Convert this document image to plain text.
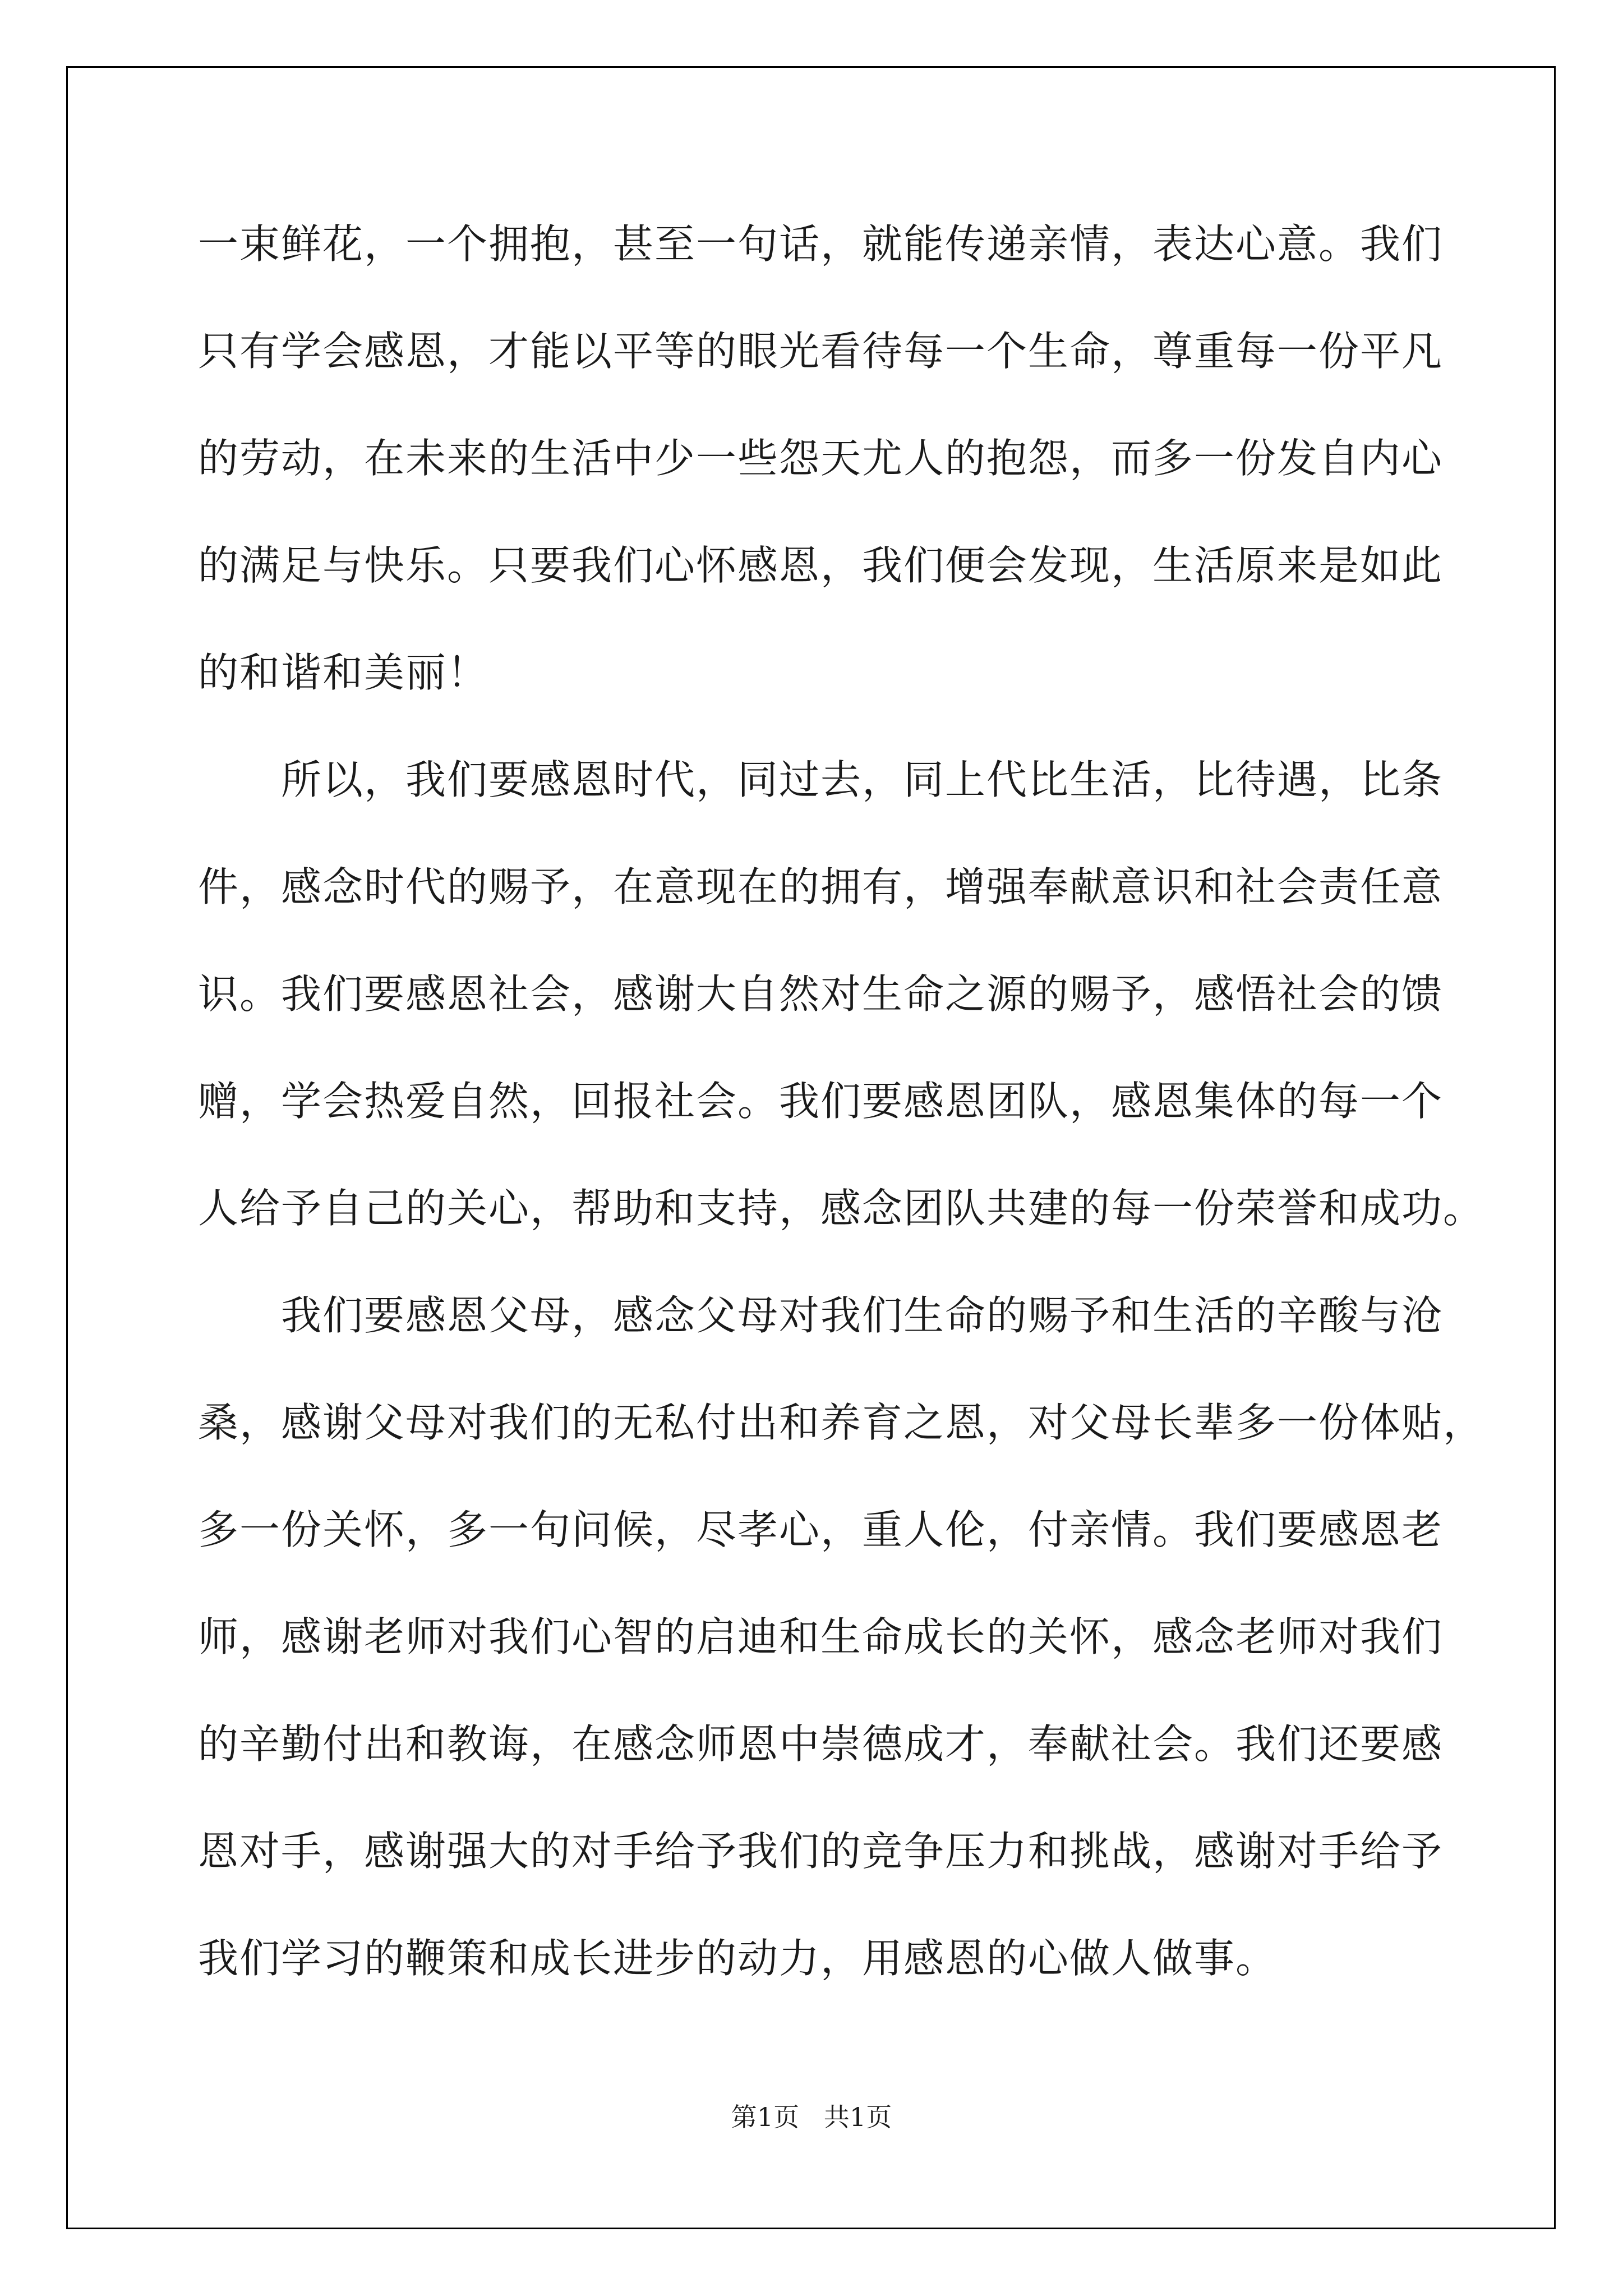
一束鲜花，一个拥抱，甚至一句话，就能传递亲情，表达心意。我们

只有学会感恩，才能以平等的眼光看待每一个生命，尊重每一份平凡

的劳动，在未来的生活中少一些怨天尤人的抱怨，而多一份发自内心

的满足与快乐。只要我们心怀感恩，我们便会发现，生活原来是如此

的和谐和美丽！

所以，我们要感恩时代，同过去，同上代比生活，比待遇，比条

件，感念时代的赐予，在意现在的拥有，增强奉献意识和社会责任意

识。我们要感恩社会，感谢大自然对生命之源的赐予，感悟社会的馈

赠，学会热爱自然，回报社会。我们要感恩团队，感恩集体的每一个

人给予自己的关心，帮助和支持，感念团队共建的每一份荣誉和成功。

我们要感恩父母，感念父母对我们生命的赐予和生活的辛酸与沧

桑，感谢父母对我们的无私付出和养育之恩，对父母长辈多一份体贴，

多一份关怀，多一句问候，尽孝心，重人伦，付亲情。我们要感恩老

师，感谢老师对我们心智的启迪和生命成长的关怀，感念老师对我们

的辛勤付出和教诲，在感念师恩中崇德成才，奉献社会。我们还要感

恩对手，感谢强大的对手给予我们的竞争压力和挑战，感谢对手给予

我们学习的鞭策和成长进步的动力，用感恩的心做人做事。

第1页   共1页
